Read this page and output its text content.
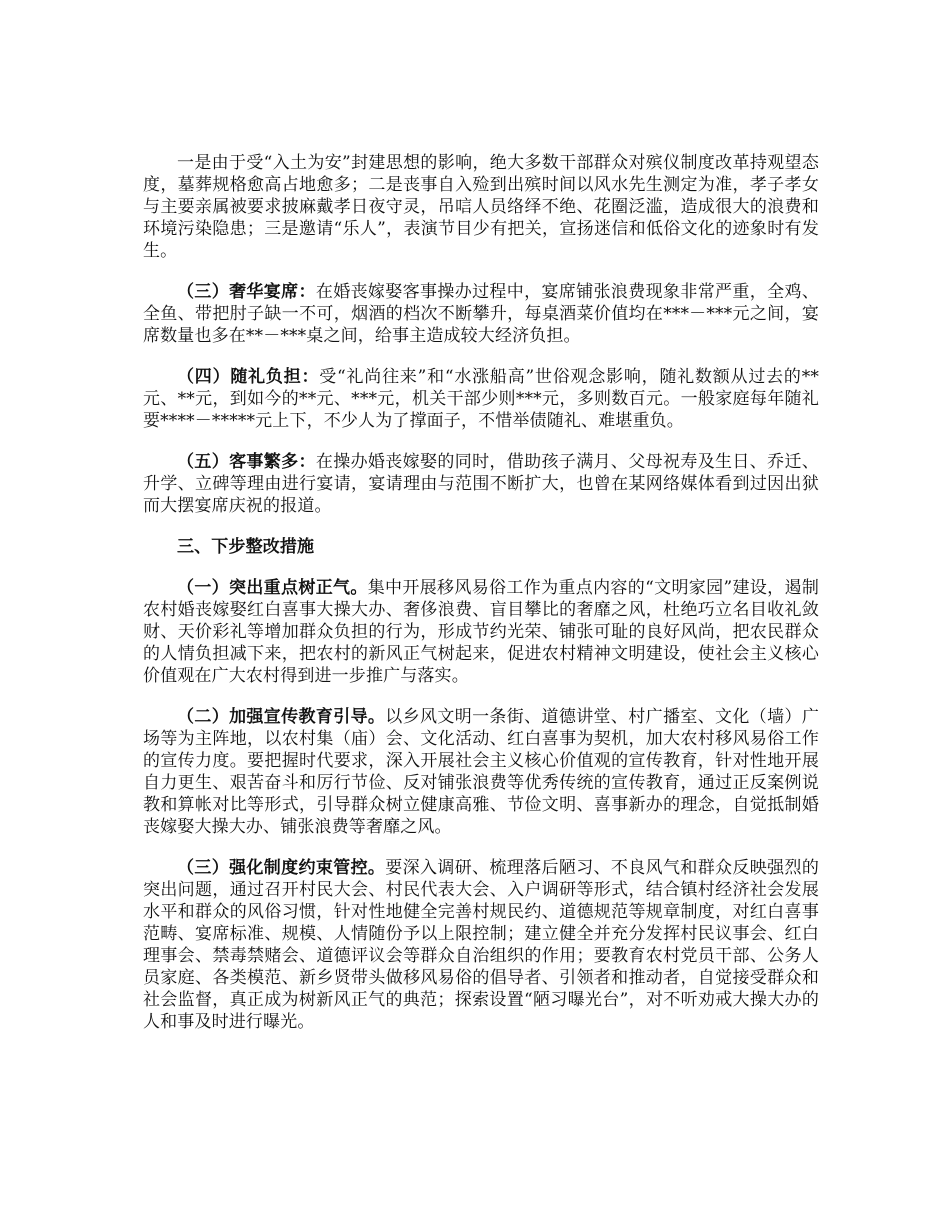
一是由于受“入土为安”封建思想的影响，绝大多数干部群众对殡仪制度改革持观望态度，墓葬规格愈高占地愈多；二是丧事自入殓到出殡时间以风水先生测定为准，孝子孝女与主要亲属被要求披麻戴孝日夜守灵，吊唁人员络绎不绝、花圈泛滥，造成很大的浪费和环境污染隐患；三是邀请“乐人”，表演节目少有把关，宣扬迷信和低俗文化的迹象时有发生。

（三）奢华宴席：在婚丧嫁娶客事操办过程中，宴席铺张浪费现象非常严重，全鸡、全鱼、带把肘子缺一不可，烟酒的档次不断攀升，每桌酒菜价值均在***－***元之间，宴席数量也多在**－***桌之间，给事主造成较大经济负担。

（四）随礼负担：受“礼尚往来”和“水涨船高”世俗观念影响，随礼数额从过去的**元、**元，到如今的**元、***元，机关干部少则***元，多则数百元。一般家庭每年随礼要****－*****元上下，不少人为了撑面子，不惜举债随礼、难堪重负。

（五）客事繁多：在操办婚丧嫁娶的同时，借助孩子满月、父母祝寿及生日、乔迁、升学、立碑等理由进行宴请，宴请理由与范围不断扩大，也曾在某网络媒体看到过因出狱而大摆宴席庆祝的报道。

三、下步整改措施

（一）突出重点树正气。集中开展移风易俗工作为重点内容的“文明家园”建设，遏制农村婚丧嫁娶红白喜事大操大办、奢侈浪费、盲目攀比的奢靡之风，杜绝巧立名目收礼敛财、天价彩礼等增加群众负担的行为，形成节约光荣、铺张可耻的良好风尚，把农民群众的人情负担减下来，把农村的新风正气树起来，促进农村精神文明建设，使社会主义核心价值观在广大农村得到进一步推广与落实。

（二）加强宣传教育引导。以乡风文明一条街、道德讲堂、村广播室、文化（墙）广场等为主阵地，以农村集（庙）会、文化活动、红白喜事为契机，加大农村移风易俗工作的宣传力度。要把握时代要求，深入开展社会主义核心价值观的宣传教育，针对性地开展自力更生、艰苦奋斗和厉行节俭、反对铺张浪费等优秀传统的宣传教育，通过正反案例说教和算帐对比等形式，引导群众树立健康高雅、节俭文明、喜事新办的理念，自觉抵制婚丧嫁娶大操大办、铺张浪费等奢靡之风。

（三）强化制度约束管控。要深入调研、梳理落后陋习、不良风气和群众反映强烈的突出问题，通过召开村民大会、村民代表大会、入户调研等形式，结合镇村经济社会发展水平和群众的风俗习惯，针对性地健全完善村规民约、道德规范等规章制度，对红白喜事范畴、宴席标准、规模、人情随份予以上限控制；建立健全并充分发挥村民议事会、红白理事会、禁毒禁赌会、道德评议会等群众自治组织的作用；要教育农村党员干部、公务人员家庭、各类模范、新乡贤带头做移风易俗的倡导者、引领者和推动者，自觉接受群众和社会监督，真正成为树新风正气的典范；探索设置“陋习曝光台”，对不听劝戒大操大办的人和事及时进行曝光。
